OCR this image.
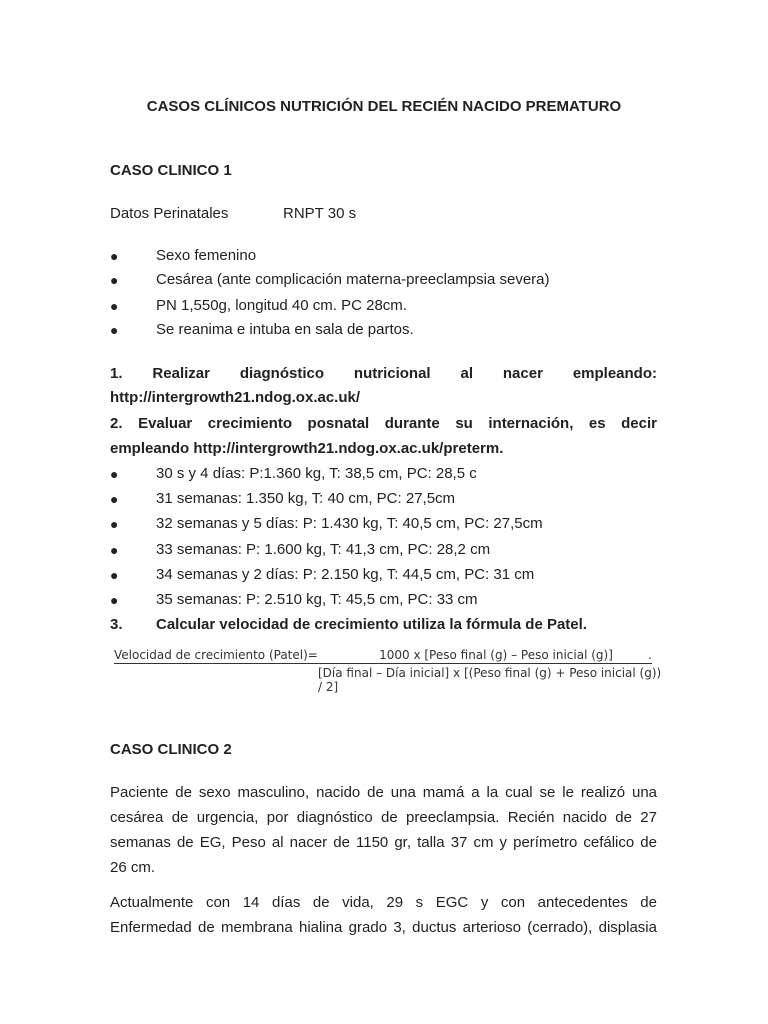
CASOS CLÍNICOS NUTRICIÓN DEL RECIÉN NACIDO PREMATURO
CASO CLINICO 1
Datos Perinatales	RNPT 30 s
●	Sexo femenino
●	Cesárea (ante complicación materna-preeclampsia severa)
●	PN 1,550g, longitud 40 cm. PC 28cm.
●	Se reanima e intuba en sala de partos.
1. Realizar diagnóstico nutricional al nacer empleando:
http://intergrowth21.ndog.ox.ac.uk/
2. Evaluar crecimiento posnatal durante su internación, es decir
empleando http://intergrowth21.ndog.ox.ac.uk/preterm.
●	30 s y 4 días: P:1.360 kg, T: 38,5 cm, PC: 28,5 c
●	31 semanas: 1.350 kg, T: 40 cm, PC: 27,5cm
●	32 semanas y 5 días: P: 1.430 kg, T: 40,5 cm, PC: 27,5cm
●	33 semanas: P: 1.600 kg, T: 41,3 cm, PC: 28,2 cm
●	34 semanas y 2 días: P: 2.150 kg, T: 44,5 cm, PC: 31 cm
●	35 semanas: P: 2.510 kg, T: 45,5 cm, PC: 33 cm
3. Calcular velocidad de crecimiento utiliza la fórmula de Patel.
Velocidad de crecimiento (Patel)=	1000 x [Peso final (g) – Peso inicial (g)]	.
[Día final – Día inicial] x [(Peso final (g) + Peso inicial (g)) / 2]
CASO CLINICO 2
Paciente de sexo masculino, nacido de una mamá a la cual se le realizó una
cesárea de urgencia, por diagnóstico de preeclampsia. Recién nacido de 27
semanas de EG, Peso al nacer de 1150 gr, talla 37 cm y perímetro cefálico de
26 cm.
Actualmente con 14 días de vida, 29 s EGC y con antecedentes de
Enfermedad de membrana hialina grado 3, ductus arterioso (cerrado), displasia
